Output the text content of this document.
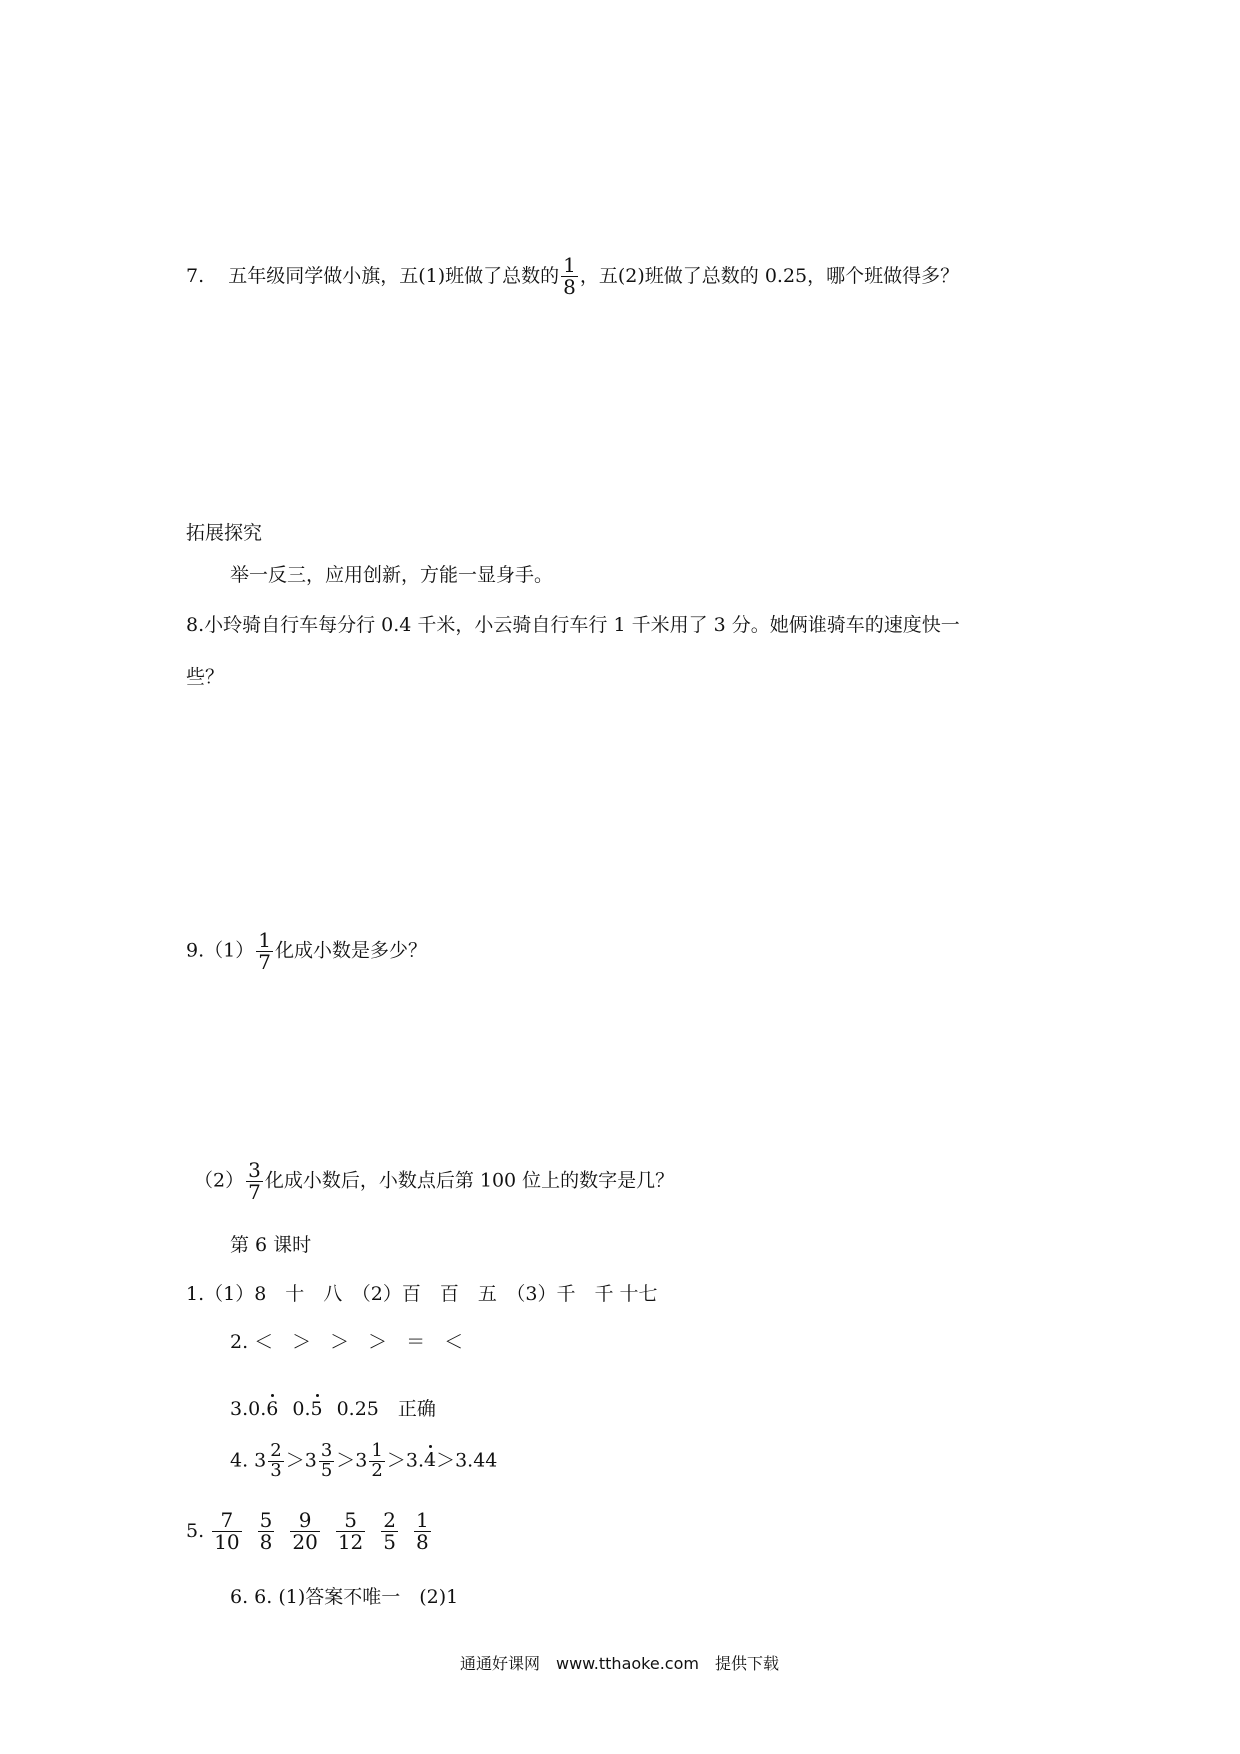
7. 五年级同学做小旗，五(1)班做了总数的 $\frac{1}{8}$ ，五(2)班做了总数的 0.25，哪个班做得多？
拓展探究
举一反三，应用创新，方能一显身手。
8.小玲骑自行车每分行 0.4 千米，小云骑自行车行 1 千米用了 3 分。她俩谁骑车的速度快一
些？
$9.(1) \frac{1}{7}$ 化成小数是多少？
$(2) \frac{3}{7}$ 化成小数后，小数点后第 100 位上的数字是几？
第 6 课时
1.（1）8　十　八　（2）百　百　五　（3）千　千 十七
2. ＜　＞　＞　＞　＝　＜
3.0.6 0.5 0.25　正确
4. $3 \frac{2}{3} >3 \frac{3}{5} >3 \frac{1}{2} >3.4>3.44$
5. $\frac{7}{10} \frac{5}{8} \frac{9}{20} \frac{5}{12} \frac{2}{5} \frac{1}{8}$
6. 6. (1)答案不唯一　(2)1
通通好课网　www.tthaoke.com　提供下载
